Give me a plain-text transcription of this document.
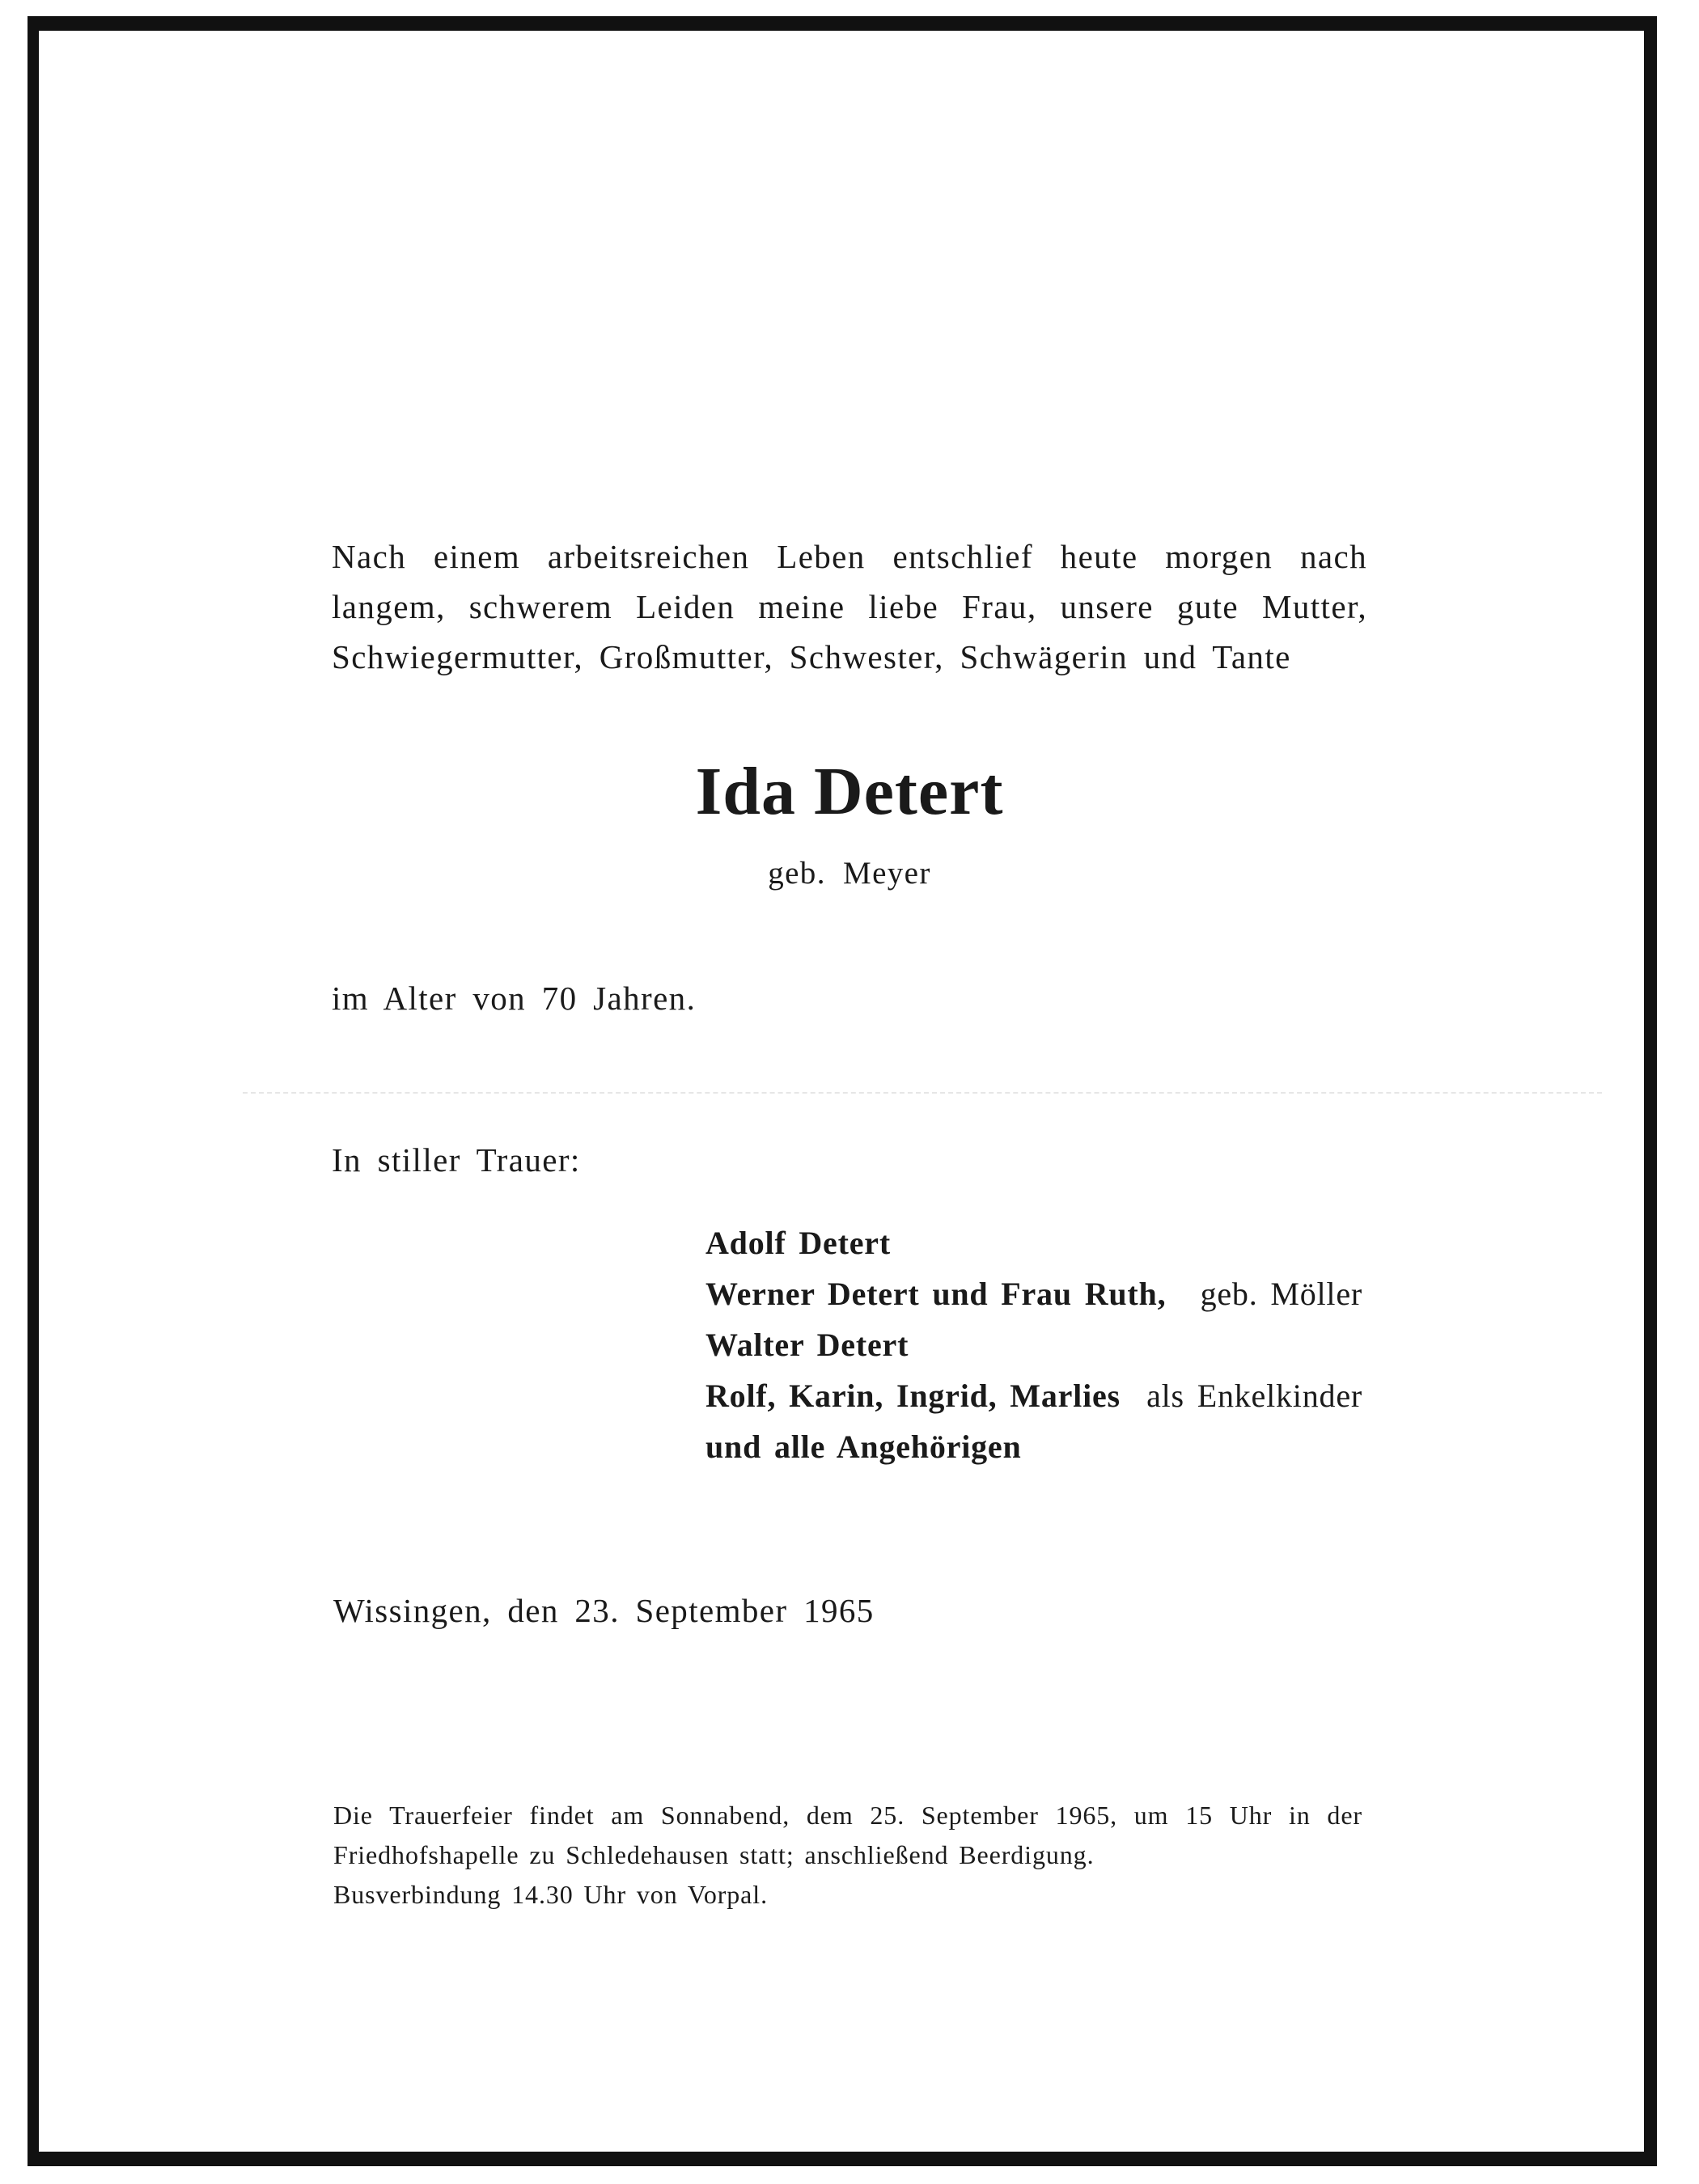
Nach einem arbeitsreichen Leben entschlief heute morgen nach
langem, schwerem Leiden meine liebe Frau, unsere gute Mutter,
Schwiegermutter, Großmutter, Schwester, Schwägerin und Tante

Ida Detert
geb. Meyer
im Alter von 70 Jahren.
In stiller Trauer:
Adolf Detert
Werner Detert und Frau Ruth, geb. Möller
Walter Detert
Rolf, Karin, Ingrid, Marlies als Enkelkinder
und alle Angehörigen
Wissingen, den 23. September 1965

Die Trauerfeier findet am Sonnabend, dem 25. September 1965, um 15 Uhr in der
Friedhofshapelle zu Schledehausen statt; anschließend Beerdigung.
Busverbindung 14.30 Uhr von Vorpal.
